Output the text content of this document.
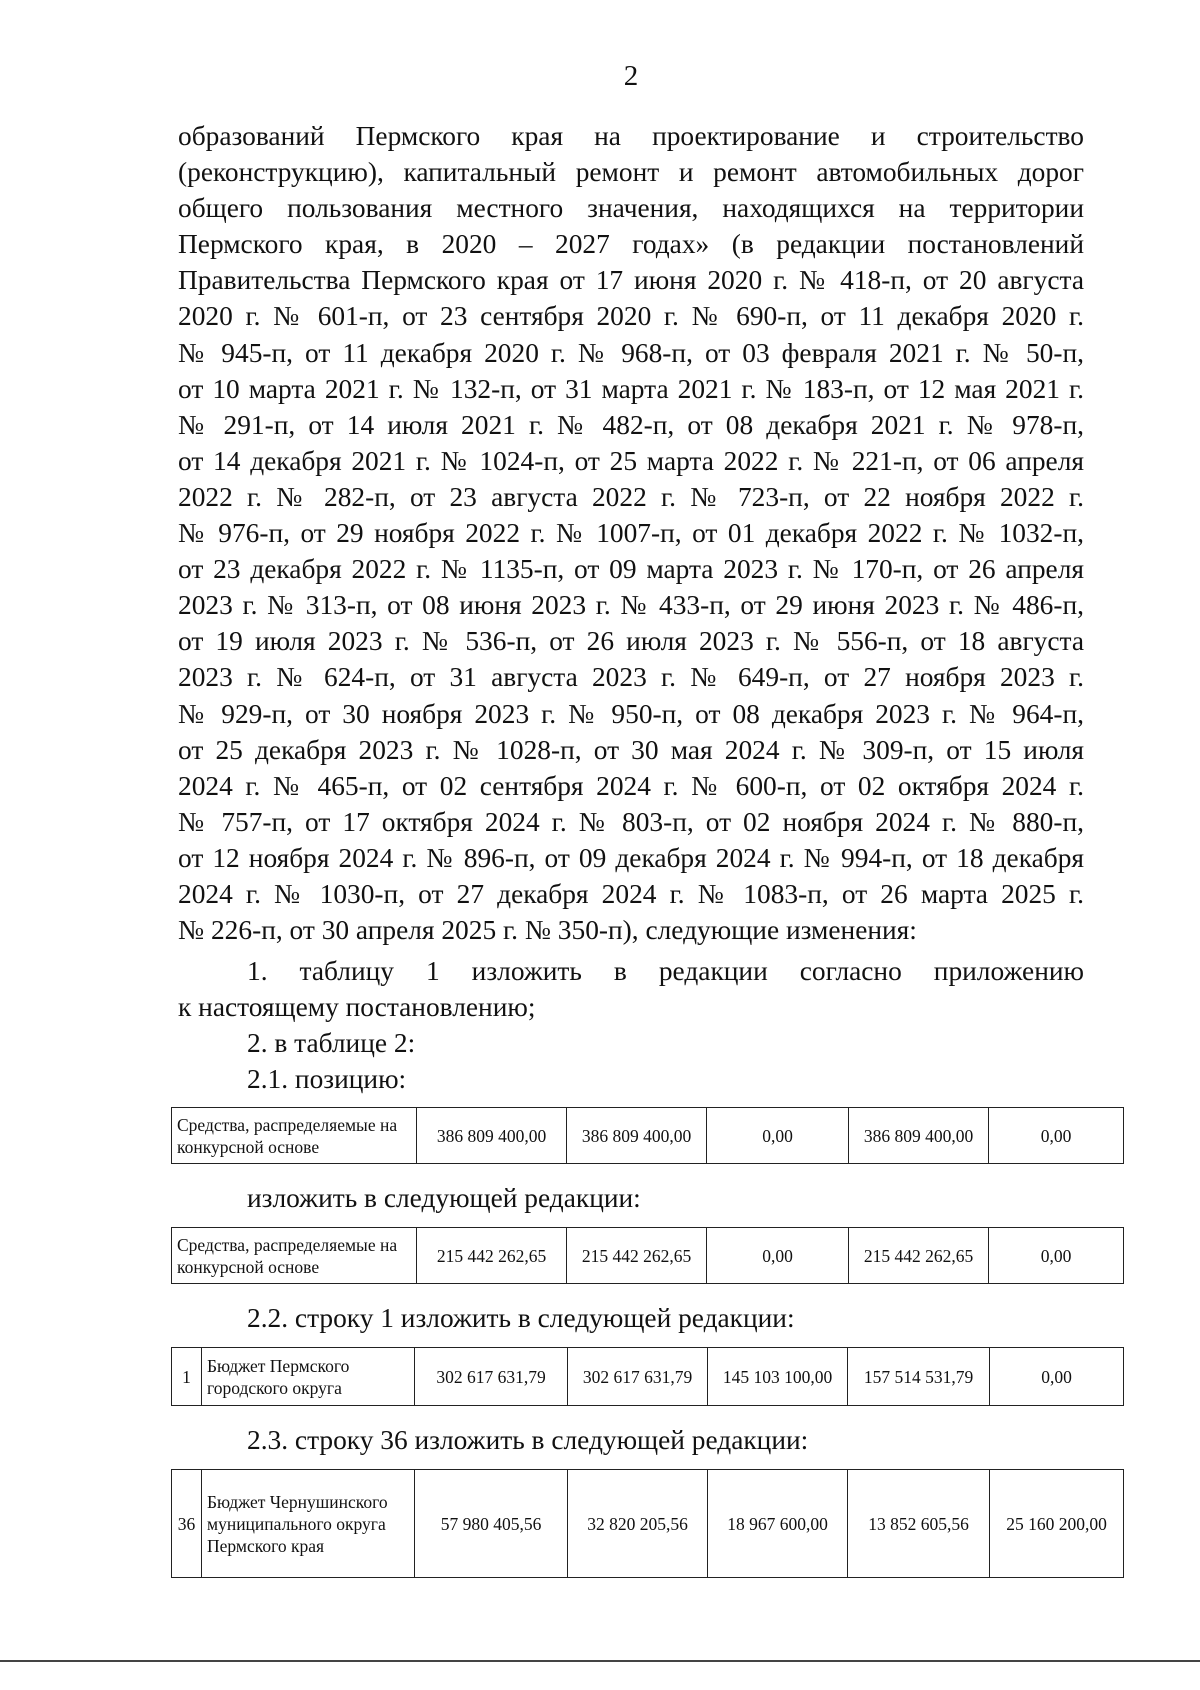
2
образований Пермского края на проектирование и строительство
(реконструкцию), капитальный ремонт и ремонт автомобильных дорог
общего пользования местного значения, находящихся на территории
Пермского края, в 2020 – 2027 годах» (в редакции постановлений
Правительства Пермского края от 17 июня 2020 г. № 418-п, от 20 августа
2020 г. № 601-п, от 23 сентября 2020 г. № 690-п, от 11 декабря 2020 г.
№ 945-п, от 11 декабря 2020 г. № 968-п, от 03 февраля 2021 г. № 50-п,
от 10 марта 2021 г. № 132-п, от 31 марта 2021 г. № 183-п, от 12 мая 2021 г.
№ 291-п, от 14 июля 2021 г. № 482-п, от 08 декабря 2021 г. № 978-п,
от 14 декабря 2021 г. № 1024-п, от 25 марта 2022 г. № 221-п, от 06 апреля
2022 г. № 282-п, от 23 августа 2022 г. № 723-п, от 22 ноября 2022 г.
№ 976-п, от 29 ноября 2022 г. № 1007-п, от 01 декабря 2022 г. № 1032-п,
от 23 декабря 2022 г. № 1135-п, от 09 марта 2023 г. № 170-п, от 26 апреля
2023 г. № 313-п, от 08 июня 2023 г. № 433-п, от 29 июня 2023 г. № 486-п,
от 19 июля 2023 г. № 536-п, от 26 июля 2023 г. № 556-п, от 18 августа
2023 г. № 624-п, от 31 августа 2023 г. № 649-п, от 27 ноября 2023 г.
№ 929-п, от 30 ноября 2023 г. № 950-п, от 08 декабря 2023 г. № 964-п,
от 25 декабря 2023 г. № 1028-п, от 30 мая 2024 г. № 309-п, от 15 июля
2024 г. № 465-п, от 02 сентября 2024 г. № 600-п, от 02 октября 2024 г.
№ 757-п, от 17 октября 2024 г. № 803-п, от 02 ноября 2024 г. № 880-п,
от 12 ноября 2024 г. № 896-п, от 09 декабря 2024 г. № 994-п, от 18 декабря
2024 г. № 1030-п, от 27 декабря 2024 г. № 1083-п, от 26 марта 2025 г.
№ 226-п, от 30 апреля 2025 г. № 350-п), следующие изменения:
1. таблицу 1 изложить в редакции согласно приложению
к настоящему постановлению;
2. в таблице 2:
2.1. позицию:
Средства, распределяемые на конкурсной основе	386 809 400,00	386 809 400,00	0,00	386 809 400,00	0,00
изложить в следующей редакции:
Средства, распределяемые на конкурсной основе	215 442 262,65	215 442 262,65	0,00	215 442 262,65	0,00
2.2. строку 1 изложить в следующей редакции:
1	Бюджет Пермского городского округа	302 617 631,79	302 617 631,79	145 103 100,00	157 514 531,79	0,00
2.3. строку 36 изложить в следующей редакции:
36	Бюджет Чернушинского муниципального округа Пермского края	57 980 405,56	32 820 205,56	18 967 600,00	13 852 605,56	25 160 200,00
